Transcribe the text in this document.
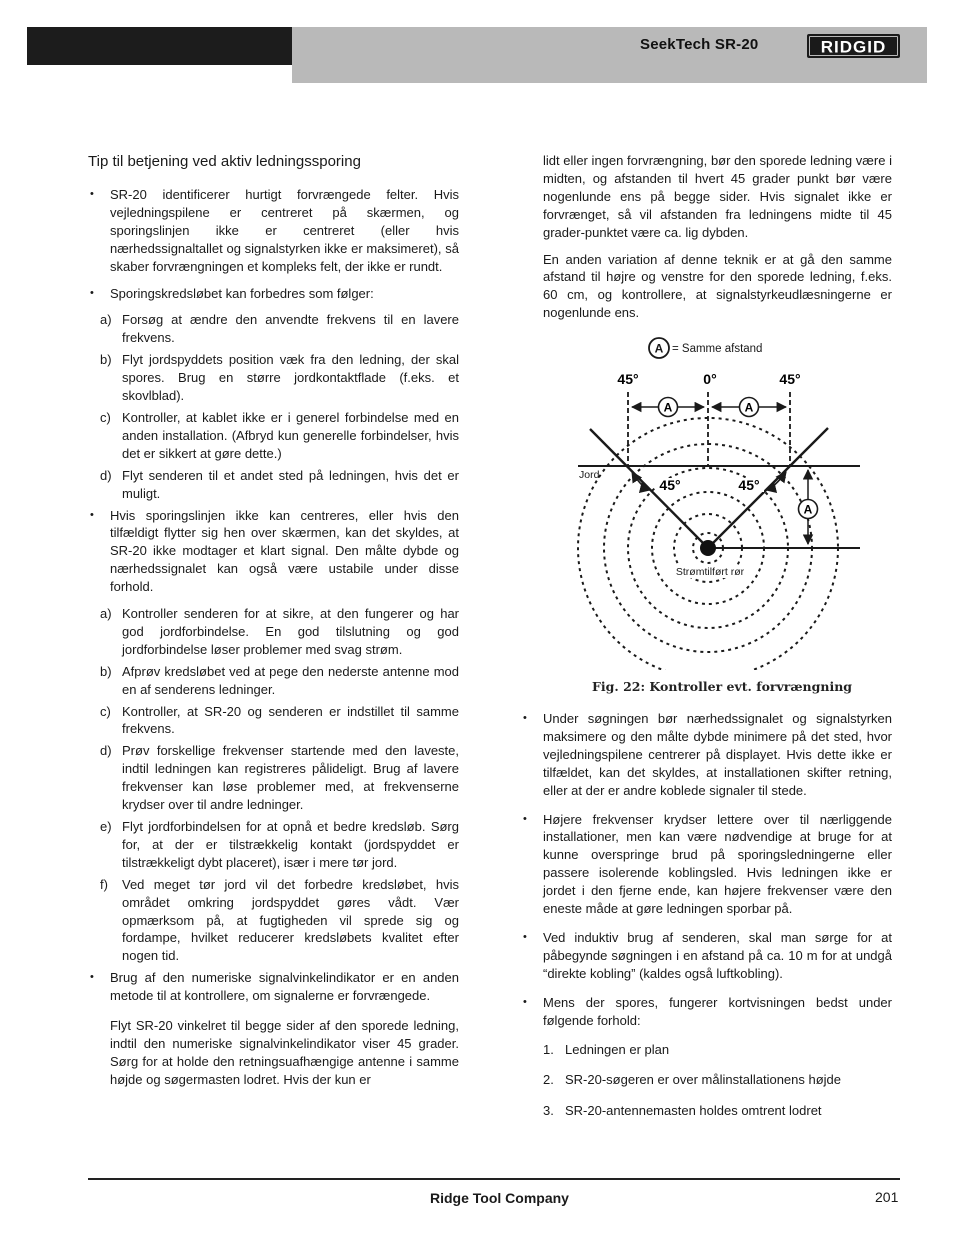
SeekTech SR-20	RIDGID
Tip til betjening ved aktiv ledningssporing
• SR-20 identificerer hurtigt forvrængede felter. Hvis vejledningspilene er centreret på skærmen, og sporingslinjen ikke er centreret (eller hvis nærhedssignaltallet og signalstyrken ikke er maksimeret), så skaber forvrængningen et kompleks felt, der ikke er rundt.
• Sporingskredsløbet kan forbedres som følger:
a) Forsøg at ændre den anvendte frekvens til en lavere frekvens.
b) Flyt jordspyddets position væk fra den ledning, der skal spores. Brug en større jordkontaktflade (f.eks. et skovlblad).
c) Kontroller, at kablet ikke er i generel forbindelse med en anden installation. (Afbryd kun generelle forbindelser, hvis det er sikkert at gøre dette.)
d) Flyt senderen til et andet sted på ledningen, hvis det er muligt.
• Hvis sporingslinjen ikke kan centreres, eller hvis den tilfældigt flytter sig hen over skærmen, kan det skyldes, at SR-20 ikke modtager et klart signal. Den målte dybde og nærhedssignalet kan også være ustabile under disse forhold.
a) Kontroller senderen for at sikre, at den fungerer og har god jordforbindelse. En god tilslutning og god jordforbindelse løser problemer med svag strøm.
b) Afprøv kredsløbet ved at pege den nederste antenne mod en af senderens ledninger.
c) Kontroller, at SR-20 og senderen er indstillet til samme frekvens.
d) Prøv forskellige frekvenser startende med den laveste, indtil ledningen kan registreres pålideligt. Brug af lavere frekvenser kan løse problemer med, at frekvenserne krydser over til andre ledninger.
e) Flyt jordforbindelsen for at opnå et bedre kredsløb. Sørg for, at der er tilstrækkelig kontakt (jordspyddet er tilstrækkeligt dybt placeret), især i mere tør jord.
f) Ved meget tør jord vil det forbedre kredsløbet, hvis området omkring jordspyddet gøres vådt. Vær opmærksom på, at fugtigheden vil sprede sig og fordampe, hvilket reducerer kredsløbets kvalitet efter nogen tid.
• Brug af den numeriske signalvinkelindikator er en anden metode til at kontrollere, om signalerne er forvrængede.

Flyt SR-20 vinkelret til begge sider af den sporede ledning, indtil den numeriske signalvinkelindikator viser 45 grader. Sørg for at holde den retningsuafhængige antenne i samme højde og søgermasten lodret. Hvis der kun er

lidt eller ingen forvrængning, bør den sporede ledning være i midten, og afstanden til hvert 45 grader punkt bør være nogenlunde ens på begge sider. Hvis signalet ikke er forvrænget, så vil afstanden fra ledningens midte til 45 grader-punktet være ca. lig dybden.

En anden variation af denne teknik er at gå den samme afstand til højre og venstre for den sporede ledning, f.eks. 60 cm, og kontrollere, at signalstyrkeudlæsningerne er nogenlunde ens.

A = Samme afstand
A	A
A
45°	0°	45°
45°	45°
Jord
Strømtilført rør
Fig. 22: Kontroller evt. forvrængning
• Under søgningen bør nærhedssignalet og signalstyrken maksimere og den målte dybde minimere på det sted, hvor vejledningspilene centrerer på displayet. Hvis dette ikke er tilfældet, kan det skyldes, at installationen skifter retning, eller at der er andre koblede signaler til stede.
• Højere frekvenser krydser lettere over til nærliggende installationer, men kan være nødvendige at bruge for at kunne overspringe brud på sporingsledningerne eller passere isolerende koblingsled. Hvis ledningen ikke er jordet i den fjerne ende, kan højere frekvenser være den eneste måde at gøre ledningen sporbar på.
• Ved induktiv brug af senderen, skal man sørge for at påbegynde søgningen i en afstand på ca. 10 m for at undgå “direkte kobling” (kaldes også luftkobling).
• Mens der spores, fungerer kortvisningen bedst under følgende forhold:
1. Ledningen er plan
2. SR-20-søgeren er over målinstallationens højde
3. SR-20-antennemasten holdes omtrent lodret
Ridge Tool Company	201
